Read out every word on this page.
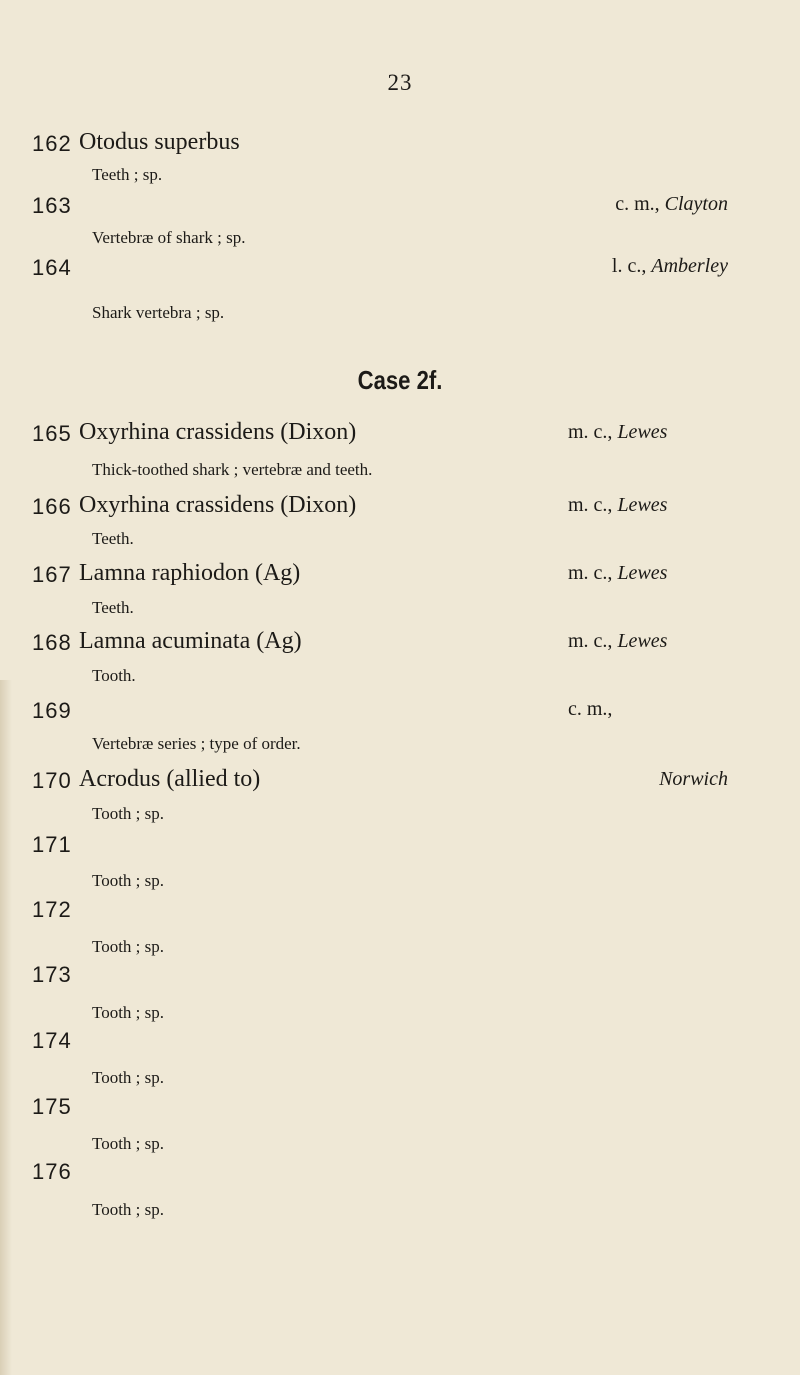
23
162 Otodus superbus
Teeth ; sp.
163	c. m., Clayton
Vertebræ of shark ; sp.
164	l. c., Amberley
Shark vertebra ; sp.
Case 2f.
165 Oxyrhina crassidens (Dixon)	m. c., Lewes
Thick-toothed shark ; vertebræ and teeth.
166 Oxyrhina crassidens (Dixon)	m. c., Lewes
Teeth.
167 Lamna raphiodon (Ag)	m. c., Lewes
Teeth.
168 Lamna acuminata (Ag)	m. c., Lewes
Tooth.
169	c. m.,
Vertebræ series ; type of order.
170 Acrodus (allied to)	Norwich
Tooth ; sp.
171
Tooth ; sp.
172
Tooth ; sp.
173
Tooth ; sp.
174
Tooth ; sp.
175
Tooth ; sp.
176
Tooth ; sp.
